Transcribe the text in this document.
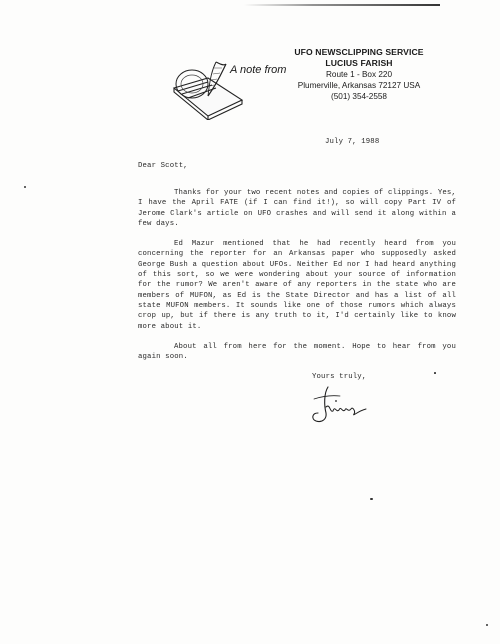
A note from
UFO NEWSCLIPPING SERVICE
LUCIUS FARISH
Route 1 - Box 220
Plumerville, Arkansas 72127 USA
(501) 354-2558
July 7, 1988
Dear Scott,

Thanks for your two recent notes and copies of clippings. Yes, I have the April FATE (if I can find it!), so will copy Part IV of Jerome Clark's article on UFO crashes and will send it along within a few days.

Ed Mazur mentioned that he had recently heard from you concerning the reporter for an Arkansas paper who supposedly asked George Bush a question about UFOs. Neither Ed nor I had heard anything of this sort, so we were wondering about your source of information for the rumor? We aren't aware of any reporters in the state who are members of MUFON, as Ed is the State Director and has a list of all state MUFON members. It sounds like one of those rumors which always crop up, but if there is any truth to it, I'd certainly like to know more about it.

About all from here for the moment. Hope to hear from you again soon.

Yours truly,
